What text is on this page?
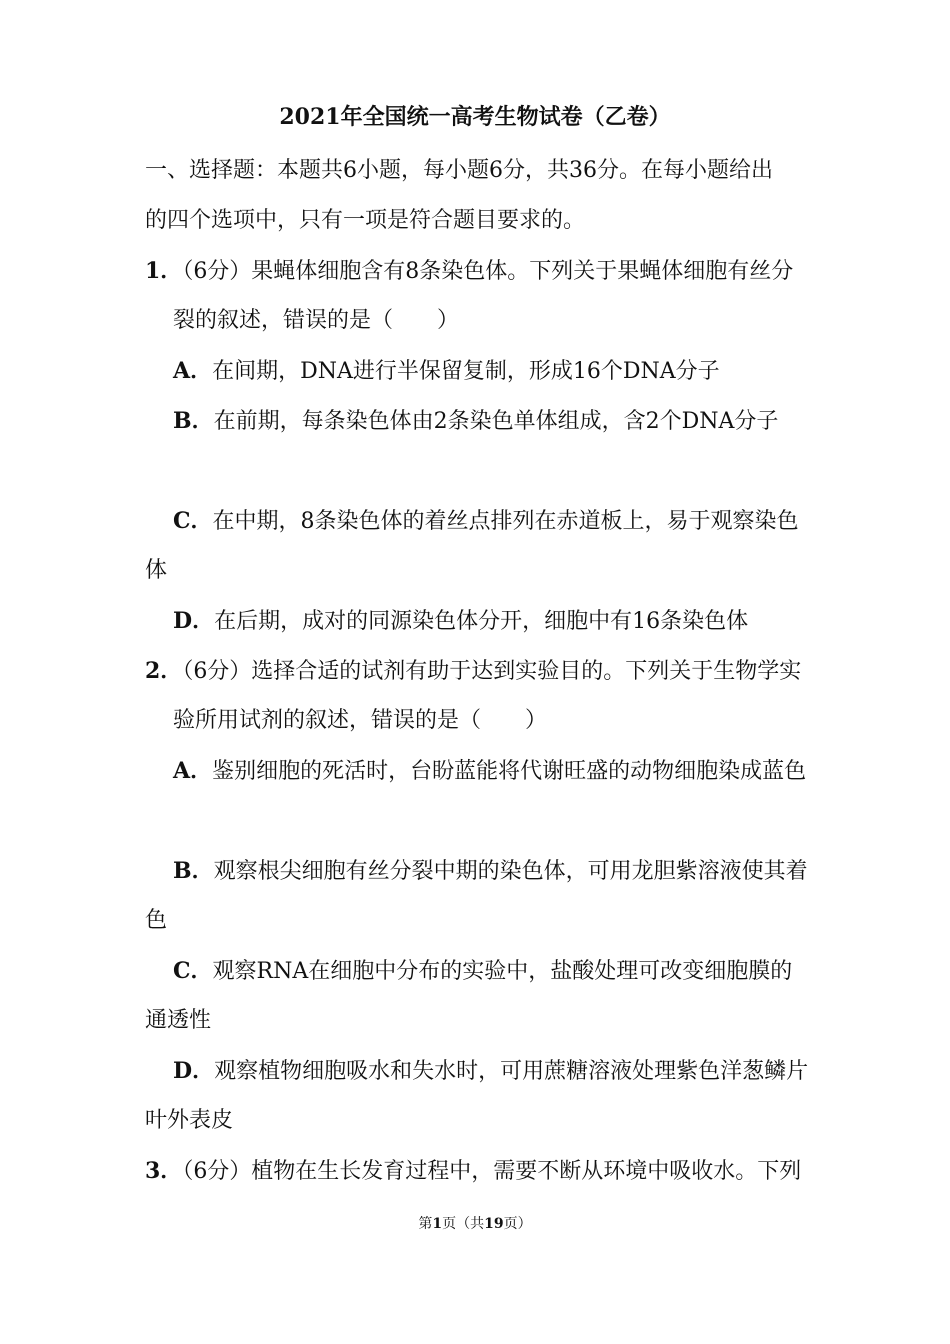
2021年全国统一高考生物试卷（乙卷）
一、选择题：本题共6小题，每小题6分，共36分。在每小题给出
的四个选项中，只有一项是符合题目要求的。
1．（6分）果蝇体细胞含有8条染色体。下列关于果蝇体细胞有丝分
裂的叙述，错误的是（　　）
A．在间期，DNA进行半保留复制，形成16个DNA分子
B．在前期，每条染色体由2条染色单体组成，含2个DNA分子
C．在中期，8条染色体的着丝点排列在赤道板上，易于观察染色
体
D．在后期，成对的同源染色体分开，细胞中有16条染色体
2．（6分）选择合适的试剂有助于达到实验目的。下列关于生物学实
验所用试剂的叙述，错误的是（　　）
A．鉴别细胞的死活时，台盼蓝能将代谢旺盛的动物细胞染成蓝色
B．观察根尖细胞有丝分裂中期的染色体，可用龙胆紫溶液使其着
色
C．观察RNA在细胞中分布的实验中，盐酸处理可改变细胞膜的
通透性
D．观察植物细胞吸水和失水时，可用蔗糖溶液处理紫色洋葱鳞片
叶外表皮
3．（6分）植物在生长发育过程中，需要不断从环境中吸收水。下列
第1页（共19页）
